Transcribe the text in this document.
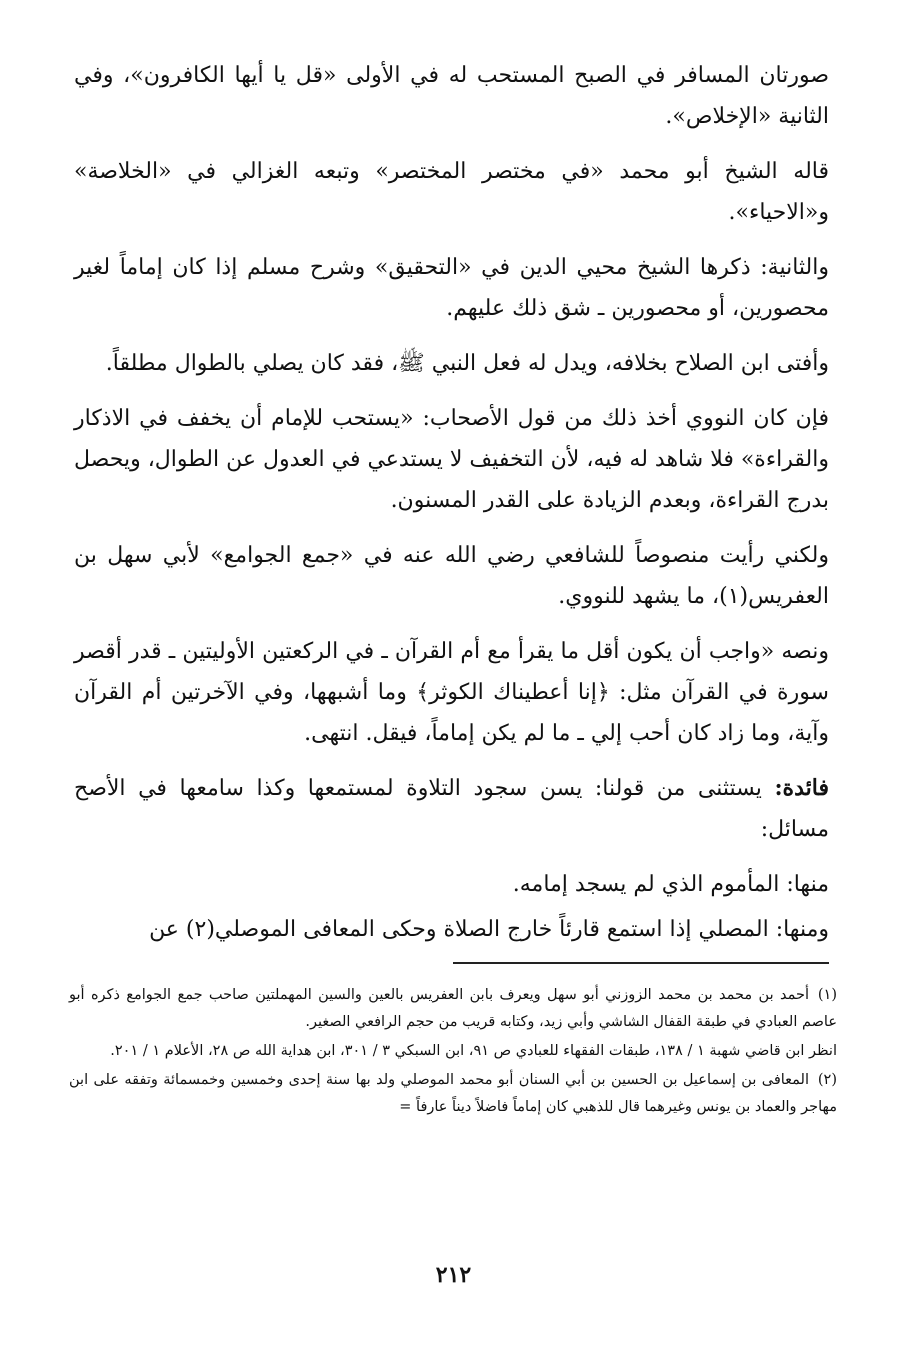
صورتان المسافر في الصبح المستحب له في الأولى «قل يا أيها الكافرون»، وفي الثانية «الإخلاص».

قاله الشيخ أبو محمد «في مختصر المختصر» وتبعه الغزالي في «الخلاصة» و«الاحياء».

والثانية: ذكرها الشيخ محيي الدين في «التحقيق» وشرح مسلم إذا كان إماماً لغير محصورين، أو محصورين ـ شق ذلك عليهم.

وأفتى ابن الصلاح بخلافه، ويدل له فعل النبي ﷺ، فقد كان يصلي بالطوال مطلقاً.

فإن كان النووي أخذ ذلك من قول الأصحاب: «يستحب للإمام أن يخفف في الاذكار والقراءة» فلا شاهد له فيه، لأن التخفيف لا يستدعي في العدول عن الطوال، ويحصل بدرج القراءة، وبعدم الزيادة على القدر المسنون.

ولكني رأيت منصوصاً للشافعي رضي الله عنه في «جمع الجوامع» لأبي سهل بن العفريس(١)، ما يشهد للنووي.

ونصه «واجب أن يكون أقل ما يقرأ مع أم القرآن ـ في الركعتين الأوليتين ـ قدر أقصر سورة في القرآن مثل: ﴿إنا أعطيناك الكوثر﴾ وما أشبهها، وفي الآخرتين أم القرآن وآية، وما زاد كان أحب إلي ـ ما لم يكن إماماً، فيقل. انتهى.

فائدة: يستثنى من قولنا: يسن سجود التلاوة لمستمعها وكذا سامعها في الأصح مسائل:

منها: المأموم الذي لم يسجد إمامه.

ومنها: المصلي إذا استمع قارئاً خارج الصلاة وحكى المعافى الموصلي(٢) عن

(١)أحمد بن محمد بن محمد الزوزني أبو سهل ويعرف بابن العفريس بالعين والسين المهملتين صاحب جمع الجوامع ذكره أبو عاصم العبادي في طبقة القفال الشاشي وأبي زيد، وكتابه قريب من حجم الرافعي الصغير.

انظر ابن قاضي شهبة ١ / ١٣٨، طبقات الفقهاء للعبادي ص ٩١، ابن السبكي ٣ / ٣٠١، ابن هداية الله ص ٢٨، الأعلام ١ / ٢٠١.

(٢)المعافى بن إسماعيل بن الحسين بن أبي السنان أبو محمد الموصلي ولد بها سنة إحدى وخمسين وخمسمائة وتفقه على ابن مهاجر والعماد بن يونس وغيرهما قال للذهبي كان إماماً فاضلاً ديناً عارفاً =

٢١٢
